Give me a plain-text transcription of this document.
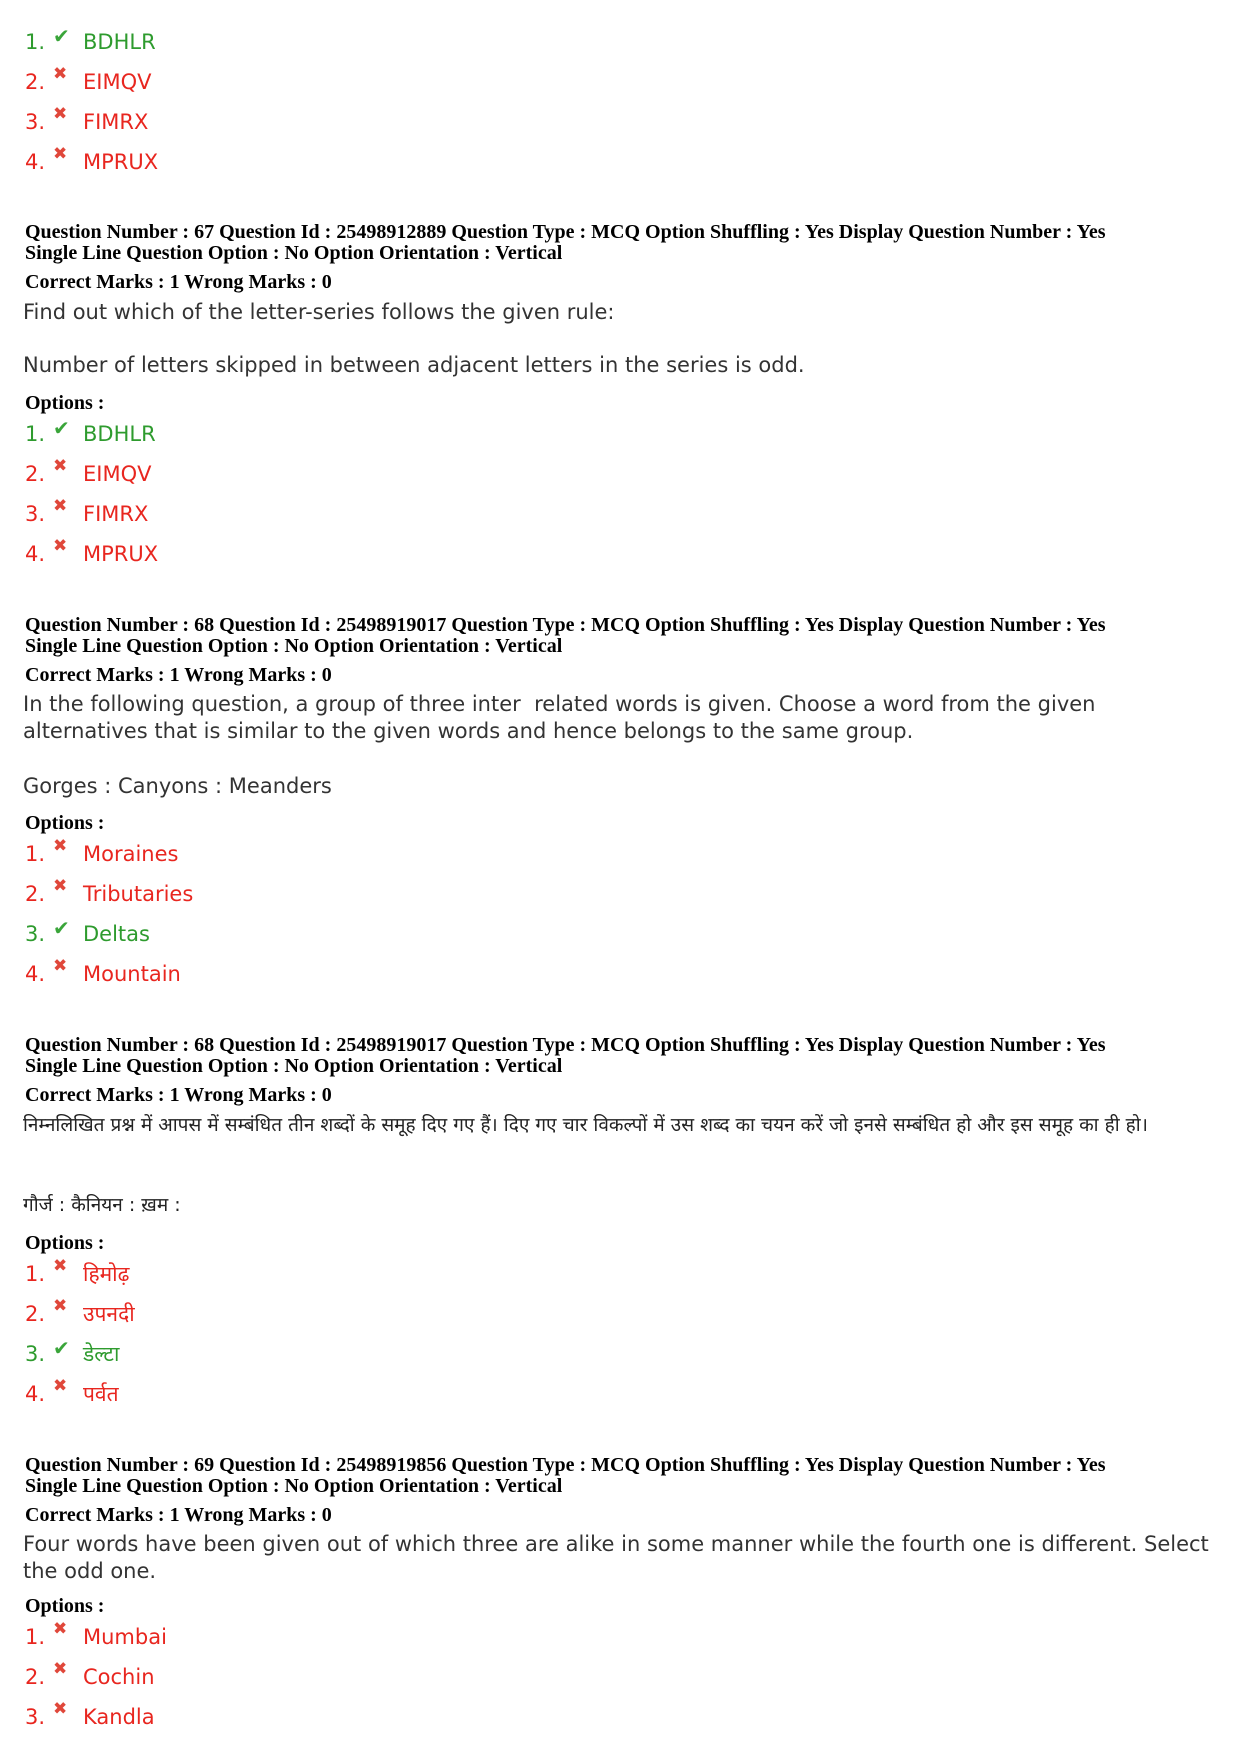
1. ✔ BDHLR
2. ✖ EIMQV
3. ✖ FIMRX
4. ✖ MPRUX
Question Number : 67 Question Id : 25498912889 Question Type : MCQ Option Shuffling : Yes Display Question Number : Yes
Single Line Question Option : No Option Orientation : Vertical
Correct Marks : 1 Wrong Marks : 0
Find out which of the letter-series follows the given rule:
Number of letters skipped in between adjacent letters in the series is odd.
Options :
1. ✔ BDHLR
2. ✖ EIMQV
3. ✖ FIMRX
4. ✖ MPRUX
Question Number : 68 Question Id : 25498919017 Question Type : MCQ Option Shuffling : Yes Display Question Number : Yes
Single Line Question Option : No Option Orientation : Vertical
Correct Marks : 1 Wrong Marks : 0
In the following question, a group of three inter  related words is given. Choose a word from the given alternatives that is similar to the given words and hence belongs to the same group.
Gorges : Canyons : Meanders
Options :
1. ✖ Moraines
2. ✖ Tributaries
3. ✔ Deltas
4. ✖ Mountain
Question Number : 68 Question Id : 25498919017 Question Type : MCQ Option Shuffling : Yes Display Question Number : Yes
Single Line Question Option : No Option Orientation : Vertical
Correct Marks : 1 Wrong Marks : 0
निम्नलिखित प्रश्न में आपस में सम्बंधित तीन शब्दों के समूह दिए गए हैं। दिए गए चार विकल्पों में उस शब्द का चयन करें जो इनसे सम्बंधित हो और इस समूह का ही हो।
गौर्ज : कैनियन : ख़म :
Options :
1. ✖ हिमोढ़
2. ✖ उपनदी
3. ✔ डेल्टा
4. ✖ पर्वत
Question Number : 69 Question Id : 25498919856 Question Type : MCQ Option Shuffling : Yes Display Question Number : Yes
Single Line Question Option : No Option Orientation : Vertical
Correct Marks : 1 Wrong Marks : 0
Four words have been given out of which three are alike in some manner while the fourth one is different. Select the odd one.
Options :
1. ✖ Mumbai
2. ✖ Cochin
3. ✖ Kandla
